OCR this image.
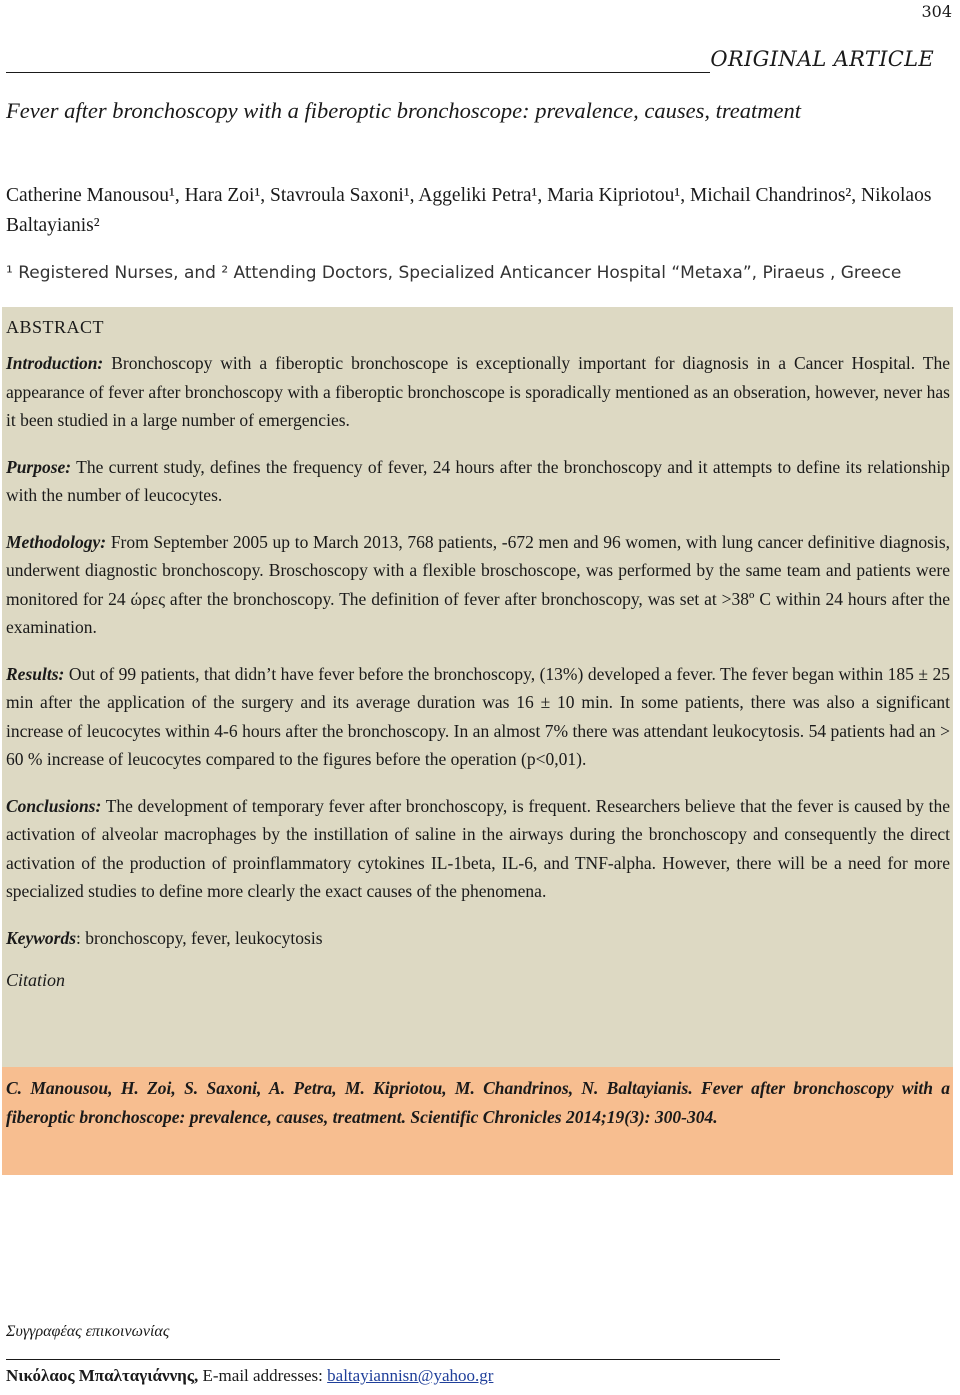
304
ORIGINAL ARTICLE
Fever after bronchoscopy with a fiberoptic bronchoscope: prevalence, causes, treatment
Catherine Manousou¹, Hara Zoi¹, Stavroula Saxoni¹, Aggeliki Petra¹, Maria Kipriotou¹, Michail Chandrinos², Nikolaos Baltayianis²
¹ Registered Nurses, and ² Attending Doctors, Specialized Anticancer Hospital “Metaxa”, Piraeus , Greece
ABSTRACT

Introduction: Bronchoscopy with a fiberoptic bronchoscope is exceptionally important for diagnosis in a Cancer Hospital. The appearance of fever after bronchoscopy with a fiberoptic bronchoscope is sporadically mentioned as an obseration, however, never has it been studied in a large number of emergencies.

Purpose: The current study, defines the frequency of fever, 24 hours after the bronchoscopy and it attempts to define its relationship with the number of leucocytes.

Methodology: From September 2005 up to March 2013, 768 patients, -672 men and 96 women, with lung cancer definitive diagnosis, underwent diagnostic bronchoscopy. Broschoscopy with a flexible broschoscope, was performed by the same team and patients were monitored for 24 ώρες after the bronchoscopy. The definition of fever after bronchoscopy, was set at >38º C within 24 hours after the examination.

Results: Out of 99 patients, that didn’t have fever before the bronchoscopy, (13%) developed a fever. The fever began within 185 ± 25 min after the application of the surgery and its average duration was 16 ± 10 min. In some patients, there was also a significant increase of leucocytes within 4-6 hours after the bronchoscopy. In an almost 7% there was attendant leukocytosis. 54 patients had an > 60 % increase of leucocytes compared to the figures before the operation (p<0,01).

Conclusions: The development of temporary fever after bronchoscopy, is frequent. Researchers believe that the fever is caused by the activation of alveolar macrophages by the instillation of saline in the airways during the bronchoscopy and consequently the direct activation of the production of proinflammatory cytokines IL-1beta, IL-6, and TNF-alpha. However, there will be a need for more specialized studies to define more clearly the exact causes of the phenomena.

Keywords: bronchoscopy, fever, leukocytosis

Citation

C. Manousou, H. Zoi, S. Saxoni, A. Petra, M. Kipriotou, M. Chandrinos, N. Baltayianis. Fever after bronchoscopy with a fiberoptic bronchoscope: prevalence, causes, treatment. Scientific Chronicles 2014;19(3): 300-304.

Συγγραφέας επικοινωνίας
Νικόλαος Μπαλταγιάννης, E-mail addresses: baltayiannisn@yahoo.gr
